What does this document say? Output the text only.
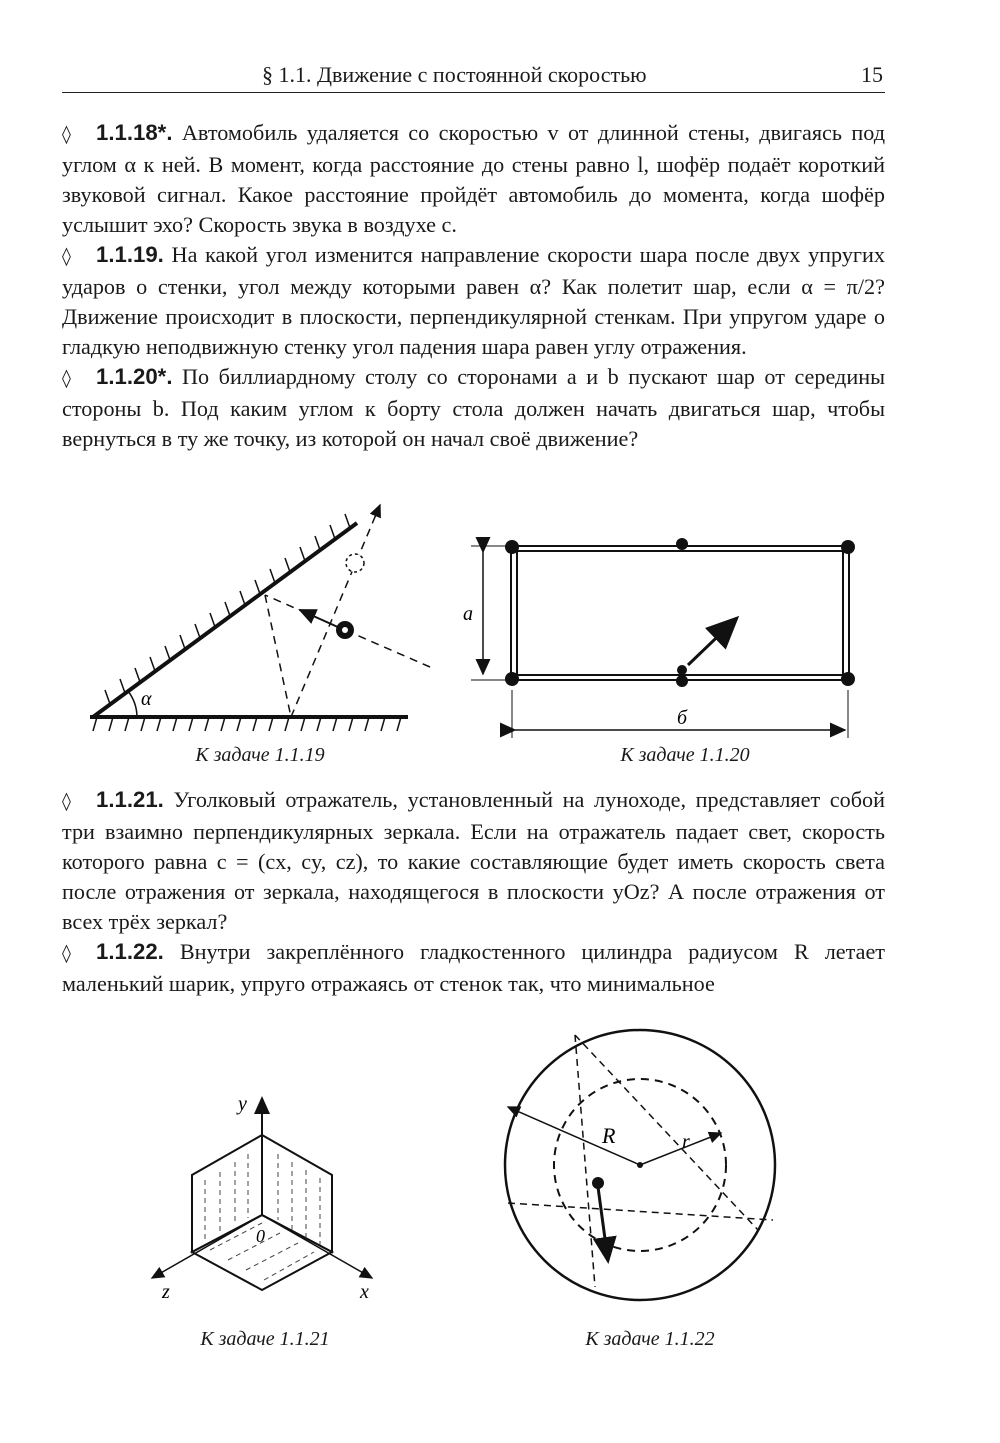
§ 1.1. Движение с постоянной скоростью	15

◊ 1.1.18*. Автомобиль удаляется со скоростью v от длинной стены, двигаясь под углом α к ней. В момент, когда расстояние до стены равно l, шофёр подаёт короткий звуковой сигнал. Какое расстояние пройдёт автомобиль до момента, когда шофёр услышит эхо? Скорость звука в воздухе c.

◊ 1.1.19. На какой угол изменится направление скорости шара после двух упругих ударов о стенки, угол между которыми равен α? Как полетит шар, если α = π/2? Движение происходит в плоскости, перпендикулярной стенкам. При упругом ударе о гладкую неподвижную стенку угол падения шара равен углу отражения.

◊ 1.1.20*. По биллиардному столу со сторонами a и b пускают шар от середины стороны b. Под каким углом к борту стола должен начать двигаться шар, чтобы вернуться в ту же точку, из которой он начал своё движение?

α
К задаче 1.1.19
a
б
К задаче 1.1.20

◊ 1.1.21. Уголковый отражатель, установленный на луноходе, представляет собой три взаимно перпендикулярных зеркала. Если на отражатель падает свет, скорость которого равна c = (cx, cy, cz), то какие составляющие будет иметь скорость света после отражения от зеркала, находящегося в плоскости yOz? А после отражения от всех трёх зеркал?

◊ 1.1.22. Внутри закреплённого гладкостенного цилиндра радиусом R летает маленький шарик, упруго отражаясь от стенок так, что минимальное

y
z	x
0
К задаче 1.1.21
R	r
К задаче 1.1.22
